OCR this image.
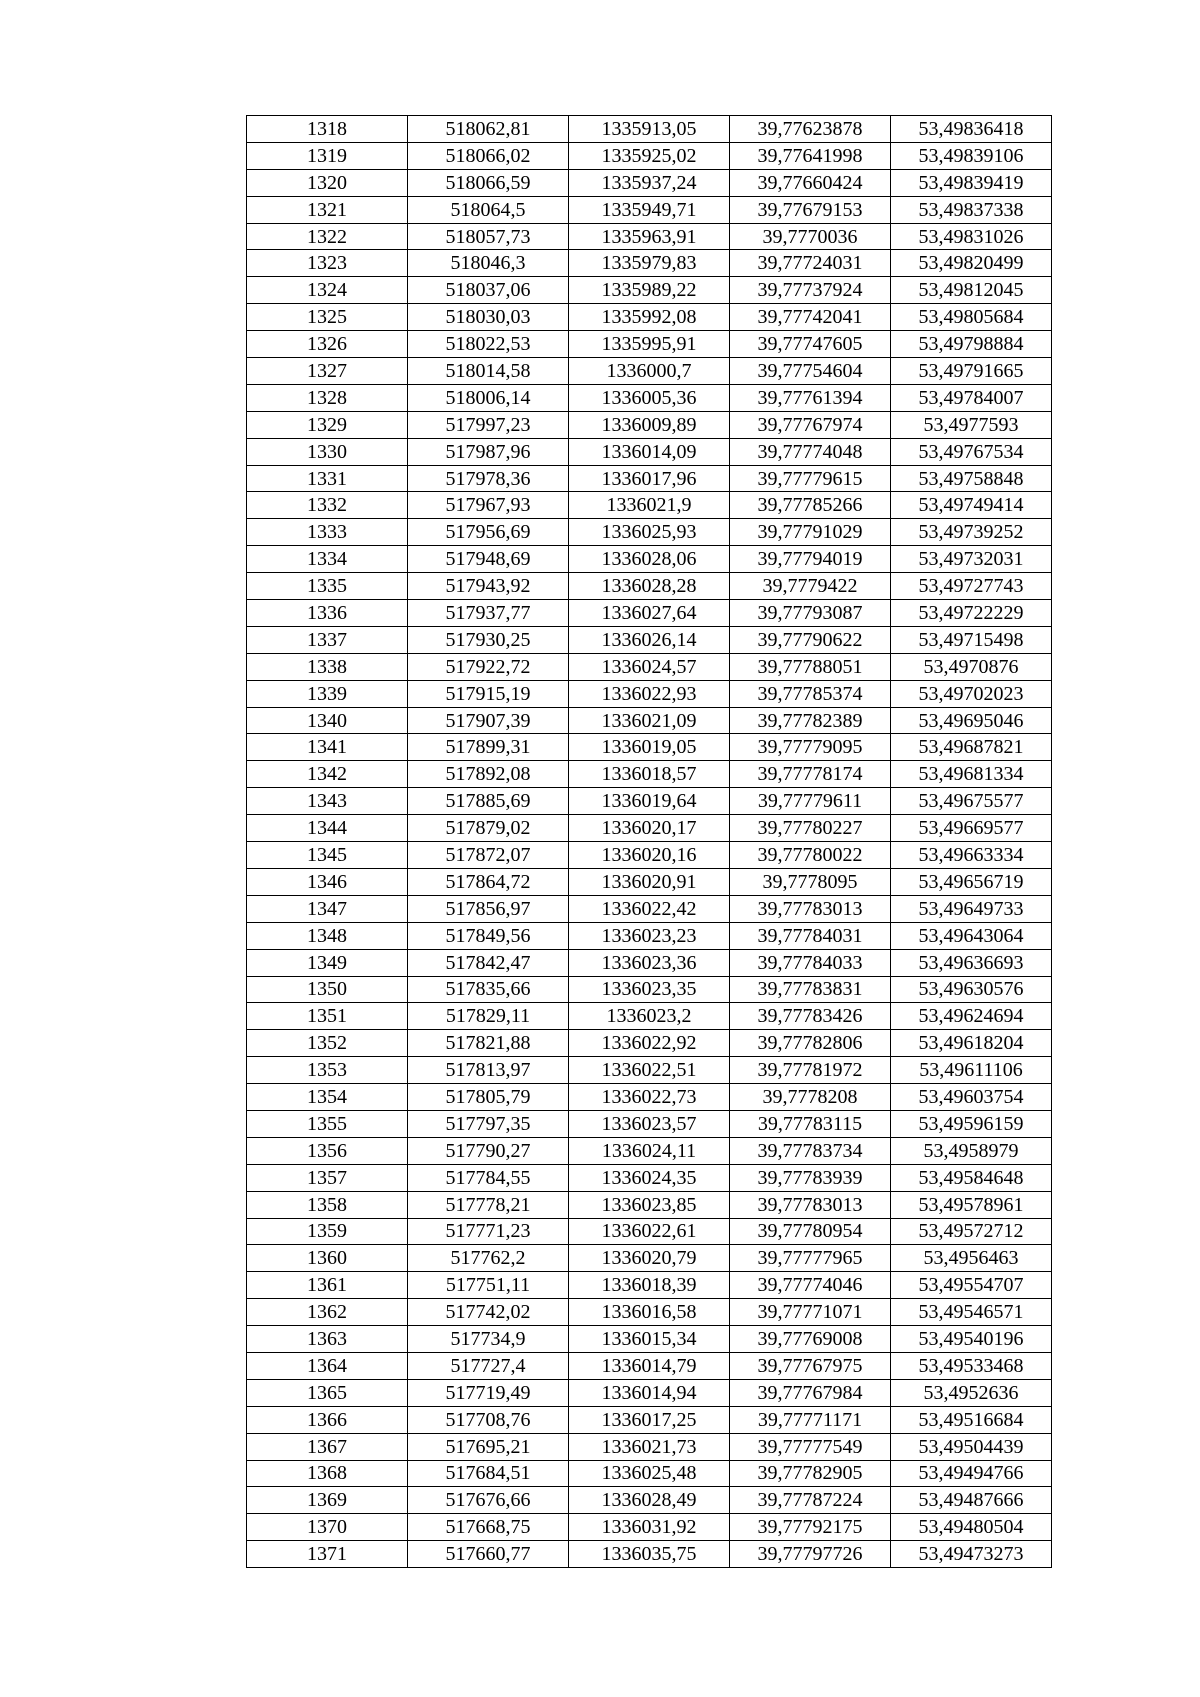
1318	518062,81	1335913,05	39,77623878	53,49836418
1319	518066,02	1335925,02	39,77641998	53,49839106
1320	518066,59	1335937,24	39,77660424	53,49839419
1321	518064,5	1335949,71	39,77679153	53,49837338
1322	518057,73	1335963,91	39,7770036	53,49831026
1323	518046,3	1335979,83	39,77724031	53,49820499
1324	518037,06	1335989,22	39,77737924	53,49812045
1325	518030,03	1335992,08	39,77742041	53,49805684
1326	518022,53	1335995,91	39,77747605	53,49798884
1327	518014,58	1336000,7	39,77754604	53,49791665
1328	518006,14	1336005,36	39,77761394	53,49784007
1329	517997,23	1336009,89	39,77767974	53,4977593
1330	517987,96	1336014,09	39,77774048	53,49767534
1331	517978,36	1336017,96	39,77779615	53,49758848
1332	517967,93	1336021,9	39,77785266	53,49749414
1333	517956,69	1336025,93	39,77791029	53,49739252
1334	517948,69	1336028,06	39,77794019	53,49732031
1335	517943,92	1336028,28	39,7779422	53,49727743
1336	517937,77	1336027,64	39,77793087	53,49722229
1337	517930,25	1336026,14	39,77790622	53,49715498
1338	517922,72	1336024,57	39,77788051	53,4970876
1339	517915,19	1336022,93	39,77785374	53,49702023
1340	517907,39	1336021,09	39,77782389	53,49695046
1341	517899,31	1336019,05	39,77779095	53,49687821
1342	517892,08	1336018,57	39,77778174	53,49681334
1343	517885,69	1336019,64	39,77779611	53,49675577
1344	517879,02	1336020,17	39,77780227	53,49669577
1345	517872,07	1336020,16	39,77780022	53,49663334
1346	517864,72	1336020,91	39,7778095	53,49656719
1347	517856,97	1336022,42	39,77783013	53,49649733
1348	517849,56	1336023,23	39,77784031	53,49643064
1349	517842,47	1336023,36	39,77784033	53,49636693
1350	517835,66	1336023,35	39,77783831	53,49630576
1351	517829,11	1336023,2	39,77783426	53,49624694
1352	517821,88	1336022,92	39,77782806	53,49618204
1353	517813,97	1336022,51	39,77781972	53,49611106
1354	517805,79	1336022,73	39,7778208	53,49603754
1355	517797,35	1336023,57	39,77783115	53,49596159
1356	517790,27	1336024,11	39,77783734	53,4958979
1357	517784,55	1336024,35	39,77783939	53,49584648
1358	517778,21	1336023,85	39,77783013	53,49578961
1359	517771,23	1336022,61	39,77780954	53,49572712
1360	517762,2	1336020,79	39,77777965	53,4956463
1361	517751,11	1336018,39	39,77774046	53,49554707
1362	517742,02	1336016,58	39,77771071	53,49546571
1363	517734,9	1336015,34	39,77769008	53,49540196
1364	517727,4	1336014,79	39,77767975	53,49533468
1365	517719,49	1336014,94	39,77767984	53,4952636
1366	517708,76	1336017,25	39,77771171	53,49516684
1367	517695,21	1336021,73	39,77777549	53,49504439
1368	517684,51	1336025,48	39,77782905	53,49494766
1369	517676,66	1336028,49	39,77787224	53,49487666
1370	517668,75	1336031,92	39,77792175	53,49480504
1371	517660,77	1336035,75	39,77797726	53,49473273
